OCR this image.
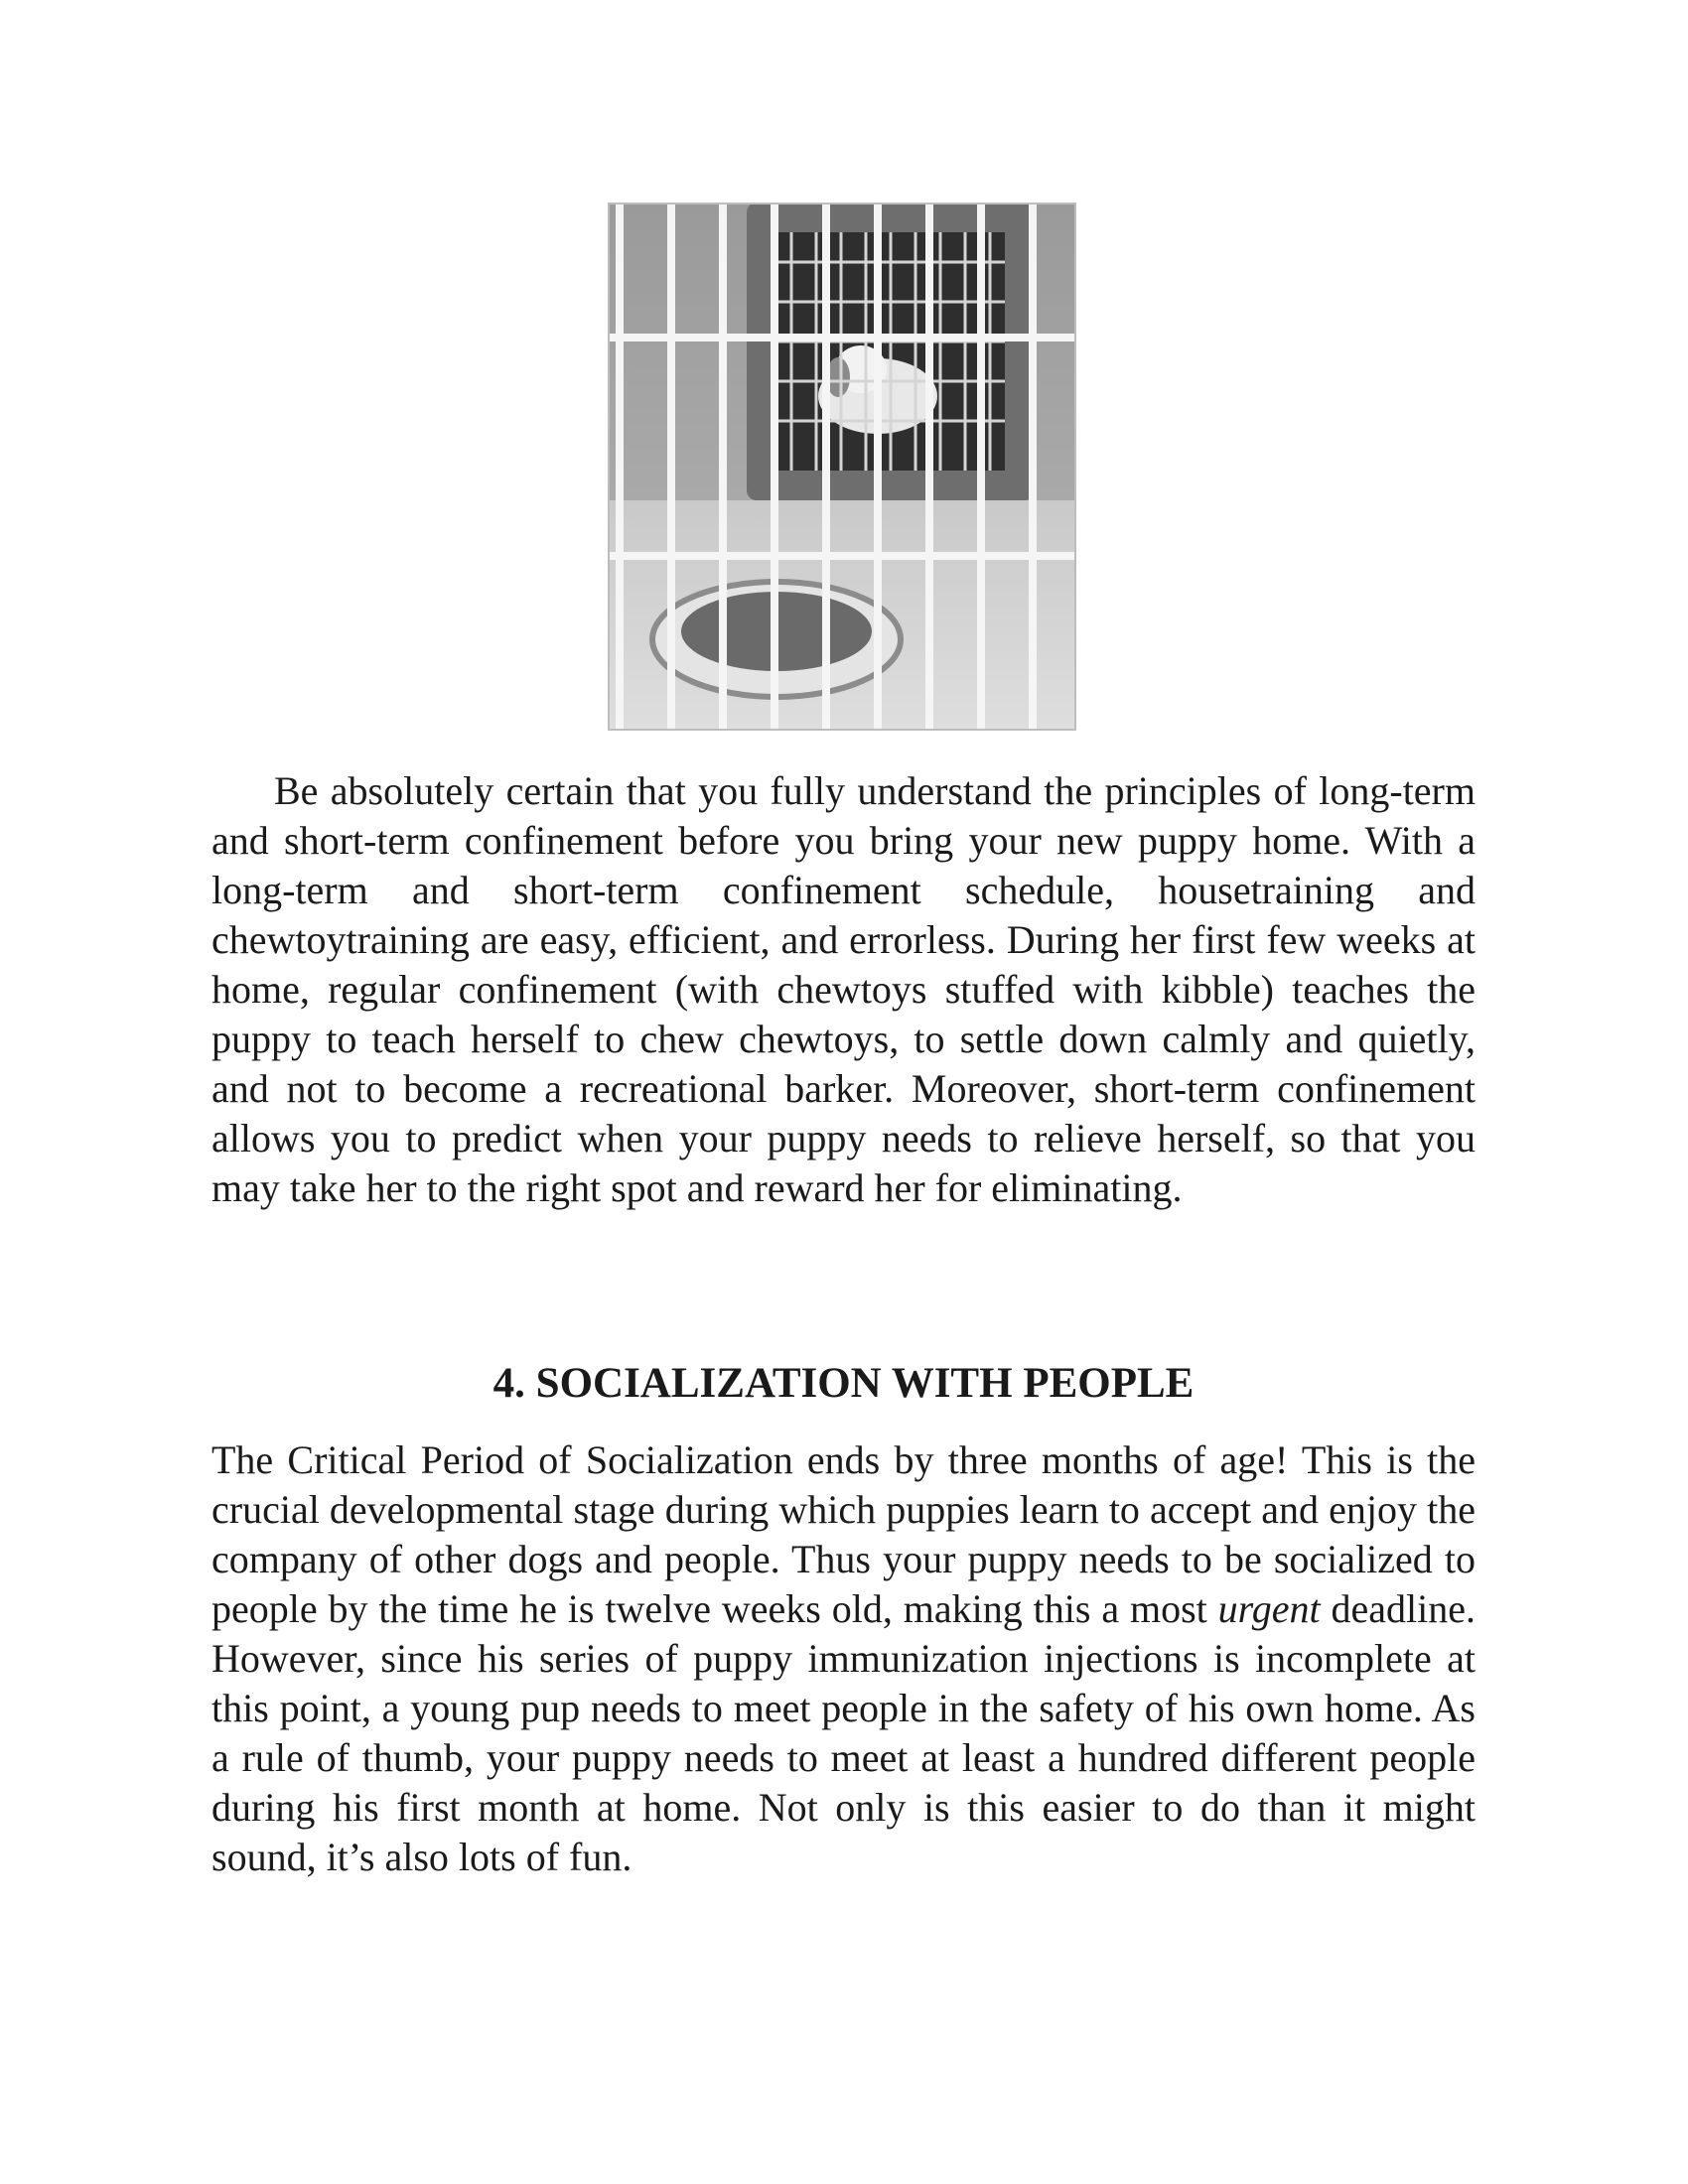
Be absolutely certain that you fully understand the principles of long-term and short-term confinement before you bring your new puppy home. With a long-term and short-term confinement schedule, housetraining and chewtoytraining are easy, efficient, and errorless. During her first few weeks at home, regular confinement (with chewtoys stuffed with kibble) teaches the puppy to teach herself to chew chewtoys, to settle down calmly and quietly, and not to become a recreational barker. Moreover, short-term confinement allows you to predict when your puppy needs to relieve herself, so that you may take her to the right spot and reward her for eliminating.

4. SOCIALIZATION WITH PEOPLE

The Critical Period of Socialization ends by three months of age! This is the crucial developmental stage during which puppies learn to accept and enjoy the company of other dogs and people. Thus your puppy needs to be socialized to people by the time he is twelve weeks old, making this a most urgent deadline. However, since his series of puppy immunization injections is incomplete at this point, a young pup needs to meet people in the safety of his own home. As a rule of thumb, your puppy needs to meet at least a hundred different people during his first month at home. Not only is this easier to do than it might sound, it’s also lots of fun.
